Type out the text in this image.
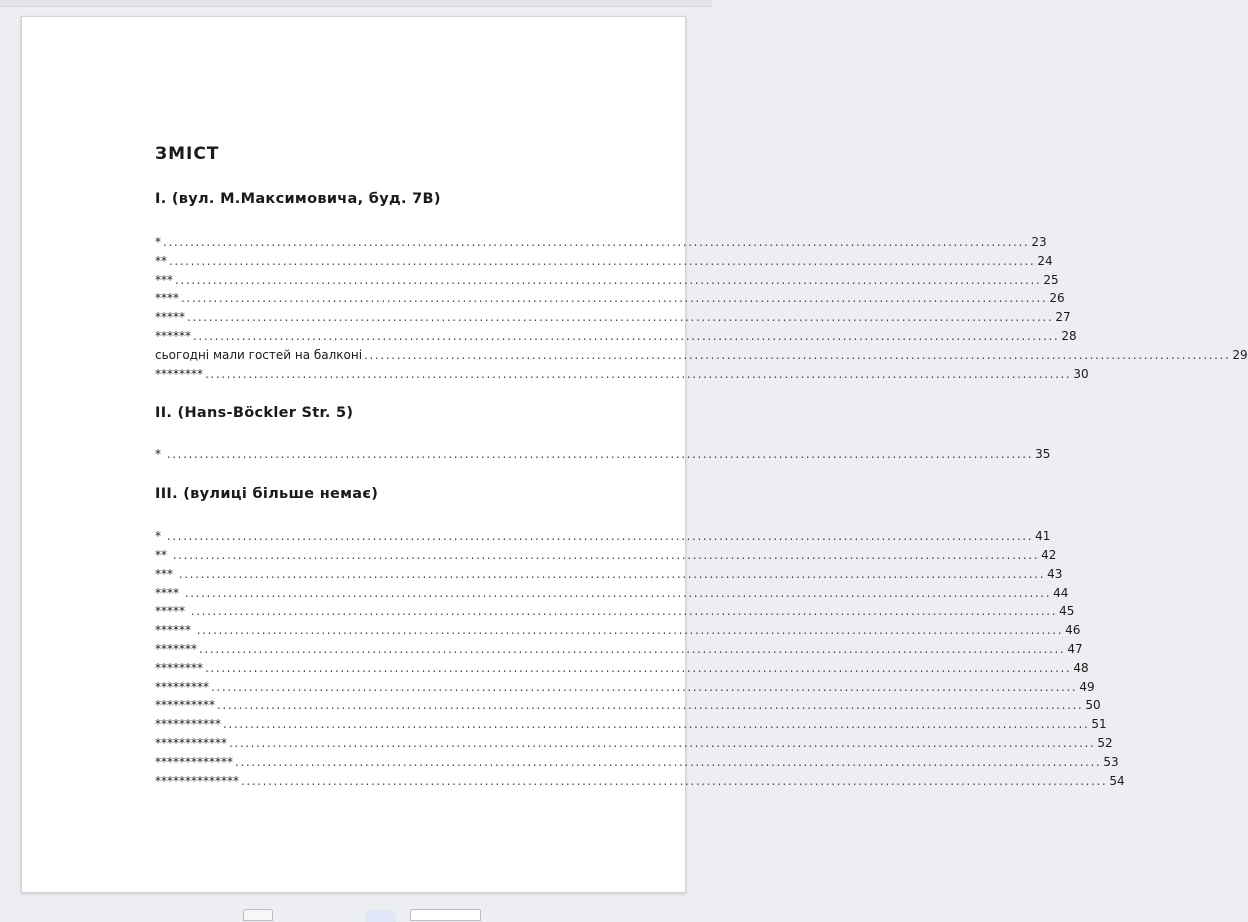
ЗМІСТ
I. (вул. М.Максимовича, буд. 7В)
* ................................................................................................................................................................ 23
** ................................................................................................................................................................ 24
*** ................................................................................................................................................................ 25
**** ................................................................................................................................................................ 26
***** ................................................................................................................................................................ 27
****** ................................................................................................................................................................ 28
сьогодні мали гостей на балконі ................................................................................................................................................................ 29
******** ................................................................................................................................................................ 30
II. (Hans-Böckler Str. 5)
* ................................................................................................................................................................ 35
III. (вулиці більше немає)
* ................................................................................................................................................................ 41
** ................................................................................................................................................................ 42
*** ................................................................................................................................................................ 43
**** ................................................................................................................................................................ 44
***** ................................................................................................................................................................ 45
****** ................................................................................................................................................................ 46
******* ................................................................................................................................................................ 47
******** ................................................................................................................................................................ 48
********* ................................................................................................................................................................ 49
********** ................................................................................................................................................................ 50
*********** ................................................................................................................................................................ 51
************ ................................................................................................................................................................ 52
************* ................................................................................................................................................................ 53
************** ................................................................................................................................................................ 54
